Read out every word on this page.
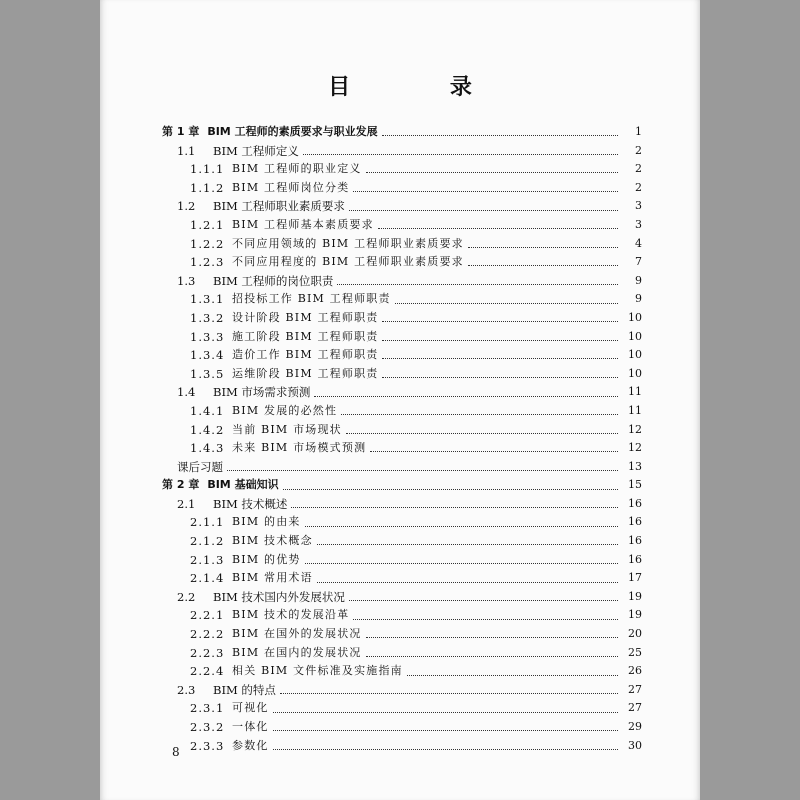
目 录
第 1 章 BIM 工程师的素质要求与职业发展	1
1.1	BIM 工程师定义	2
1.1.1 BIM 工程师的职业定义	2
1.1.2 BIM 工程师岗位分类	2
1.2	BIM 工程师职业素质要求	3
1.2.1 BIM 工程师基本素质要求	3
1.2.2 不同应用领域的 BIM 工程师职业素质要求	4
1.2.3 不同应用程度的 BIM 工程师职业素质要求	7
1.3	BIM 工程师的岗位职责	9
1.3.1 招投标工作 BIM 工程师职责	9
1.3.2 设计阶段 BIM 工程师职责	10
1.3.3 施工阶段 BIM 工程师职责	10
1.3.4 造价工作 BIM 工程师职责	10
1.3.5 运维阶段 BIM 工程师职责	10
1.4	BIM 市场需求预测	11
1.4.1 BIM 发展的必然性	11
1.4.2 当前 BIM 市场现状	12
1.4.3 未来 BIM 市场模式预测	12
课后习题	13
第 2 章 BIM 基础知识	15
2.1	BIM 技术概述	16
2.1.1 BIM 的由来	16
2.1.2 BIM 技术概念	16
2.1.3 BIM 的优势	16
2.1.4 BIM 常用术语	17
2.2	BIM 技术国内外发展状况	19
2.2.1 BIM 技术的发展沿革	19
2.2.2 BIM 在国外的发展状况	20
2.2.3 BIM 在国内的发展状况	25
2.2.4 相关 BIM 文件标准及实施指南	26
2.3	BIM 的特点	27
2.3.1 可视化	27
2.3.2 一体化	29
2.3.3 参数化	30
8
